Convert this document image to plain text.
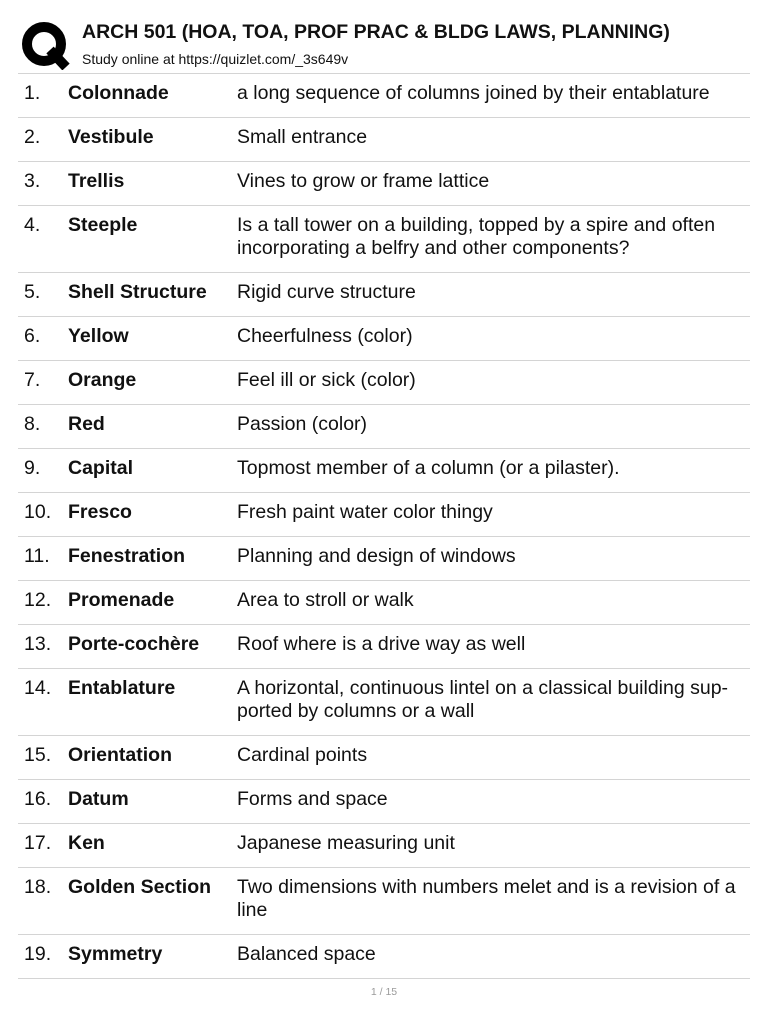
ARCH 501 (HOA, TOA, PROF PRAC & BLDG LAWS, PLANNING)
Study online at https://quizlet.com/_3s649v
1.	Colonnade	a long sequence of columns joined by their entablature
2.	Vestibule	Small entrance
3.	Trellis	Vines to grow or frame lattice
4.	Steeple	Is a tall tower on a building, topped by a spire and often incorporating a belfry and other components?
5.	Shell Structure	Rigid curve structure
6.	Yellow	Cheerfulness (color)
7.	Orange	Feel ill or sick (color)
8.	Red	Passion (color)
9.	Capital	Topmost member of a column (or a pilaster).
10. Fresco	Fresh paint water color thingy
11. Fenestration	Planning and design of windows
12. Promenade	Area to stroll or walk
13. Porte-cochère	Roof where is a drive way as well
14. Entablature	A horizontal, continuous lintel on a classical building sup-ported by columns or a wall
15. Orientation	Cardinal points
16. Datum	Forms and space
17. Ken	Japanese measuring unit
18. Golden Section	Two dimensions with numbers melet and is a revision of a line
19. Symmetry	Balanced space
1 / 15
